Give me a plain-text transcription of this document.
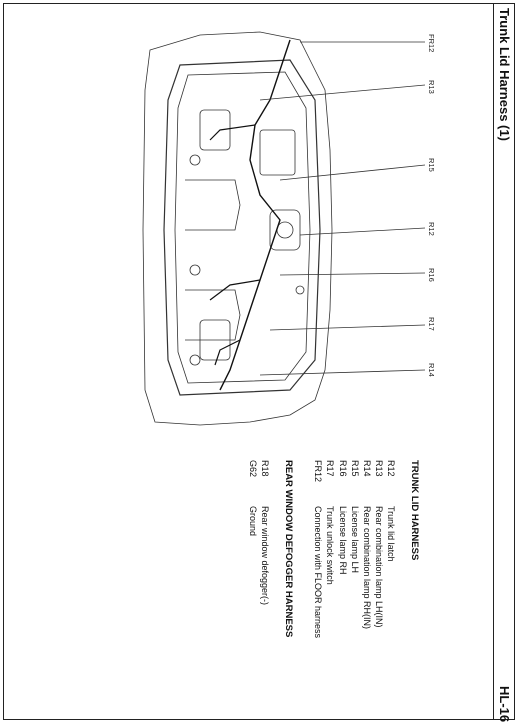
Trunk Lid Harness (1)
HL-16
FR12
R13
R15
R12
R16
R17
R14
TRUNK LID HARNESS
R12
Trunk lid latch
R13
Rear combination lamp LH(IN)
R14
Rear combination lamp RH(IN)
R15
License lamp LH
R16
License lamp RH
R17
Trunk unlock switch
FR12
Connection with FLOOR harness
REAR WINDOW DEFOGGER HARNESS
R18
Rear window defogger(-)
G62
Ground
